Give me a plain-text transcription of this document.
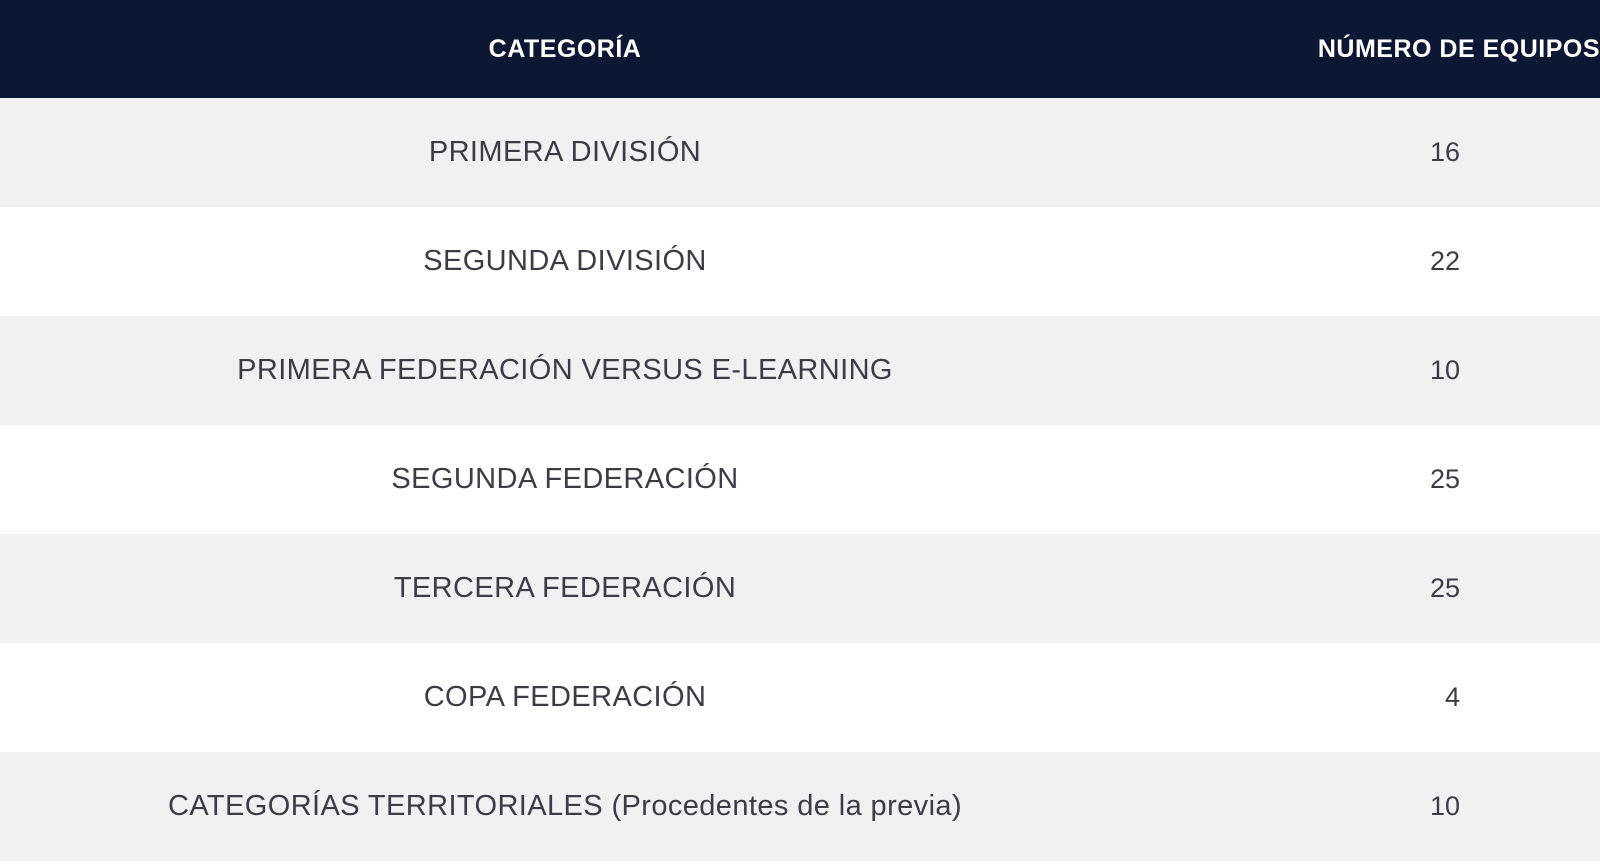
CATEGORÍA	NÚMERO DE EQUIPOS
PRIMERA DIVISIÓN	16
SEGUNDA DIVISIÓN	22
PRIMERA FEDERACIÓN VERSUS E-LEARNING	10
SEGUNDA FEDERACIÓN	25
TERCERA FEDERACIÓN	25
COPA FEDERACIÓN	4
CATEGORÍAS TERRITORIALES (Procedentes de la previa)	10
